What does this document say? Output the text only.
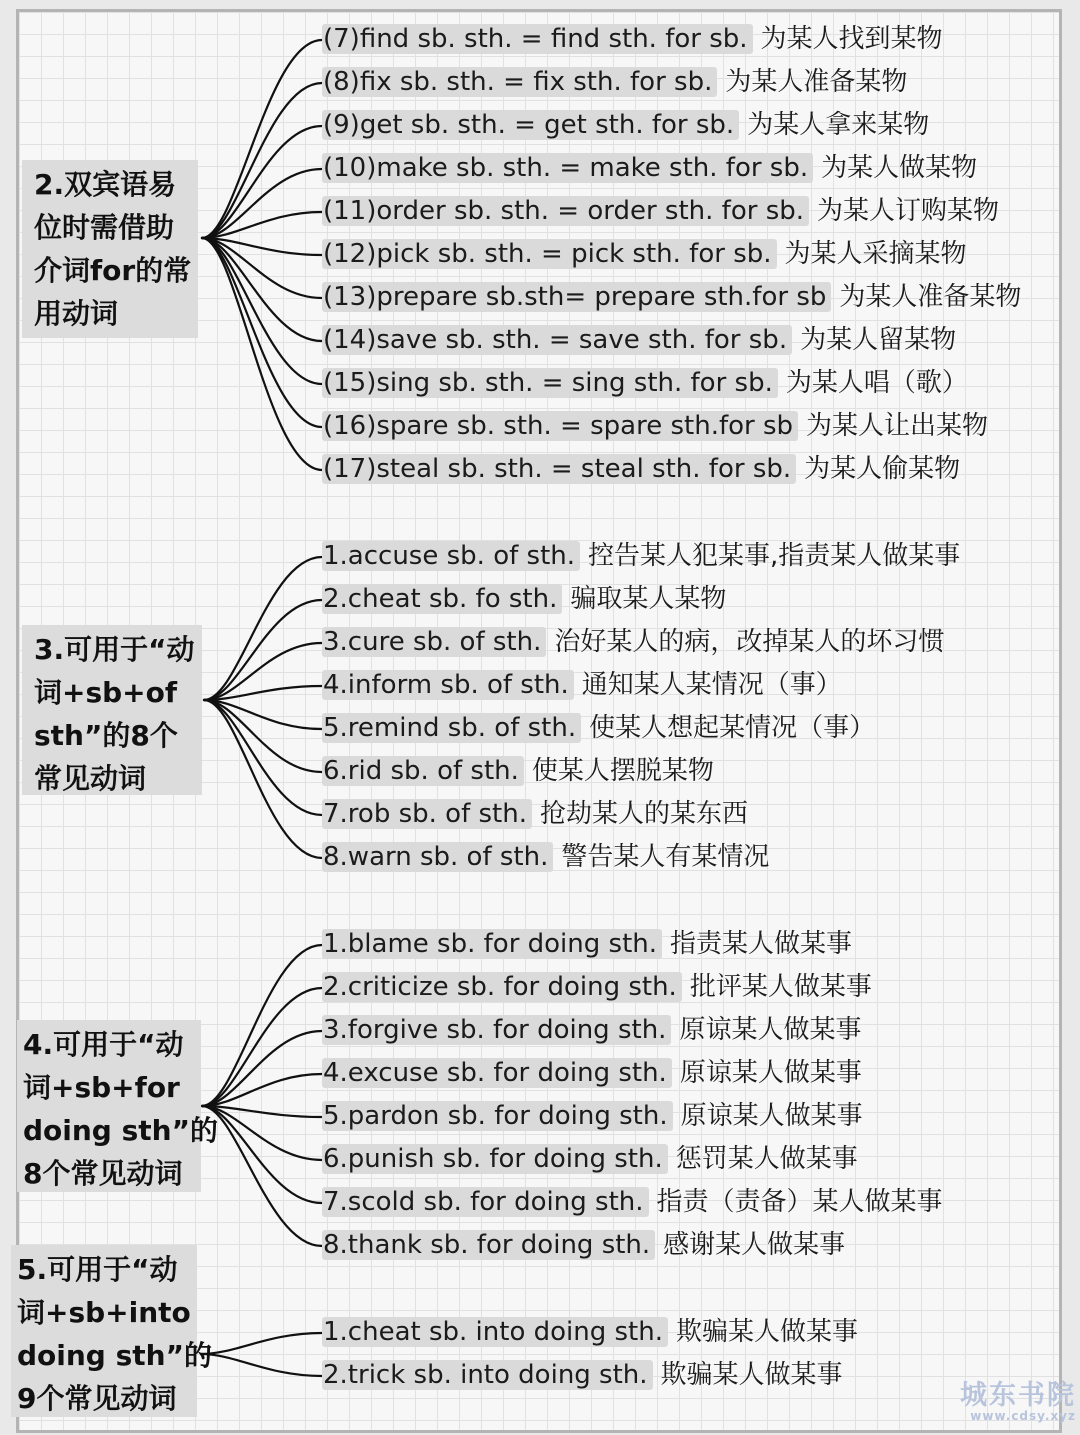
2.双宾语易
位时需借助
介词for的常
用动词
(7)find sb. sth. = find sth. for sb. 为某人找到某物
(8)fix sb. sth. = fix sth. for sb. 为某人准备某物
(9)get sb. sth. = get sth. for sb. 为某人拿来某物
(10)make sb. sth. = make sth. for sb. 为某人做某物
(11)order sb. sth. = order sth. for sb. 为某人订购某物
(12)pick sb. sth. = pick sth. for sb. 为某人采摘某物
(13)prepare sb.sth= prepare sth.for sb 为某人准备某物
(14)save sb. sth. = save sth. for sb. 为某人留某物
(15)sing sb. sth. = sing sth. for sb. 为某人唱（歌）
(16)spare sb. sth. = spare sth.for sb 为某人让出某物
(17)steal sb. sth. = steal sth. for sb. 为某人偷某物
3.可用于“动
词+sb+of
sth”的8个
常见动词
1.accuse sb. of sth. 控告某人犯某事,指责某人做某事
2.cheat sb. fo sth. 骗取某人某物
3.cure sb. of sth. 治好某人的病，改掉某人的坏习惯
4.inform sb. of sth. 通知某人某情况（事）
5.remind sb. of sth. 使某人想起某情况（事）
6.rid sb. of sth. 使某人摆脱某物
7.rob sb. of sth. 抢劫某人的某东西
8.warn sb. of sth. 警告某人有某情况
4.可用于“动
词+sb+for
doing sth”的
8个常见动词
1.blame sb. for doing sth. 指责某人做某事
2.criticize sb. for doing sth. 批评某人做某事
3.forgive sb. for doing sth. 原谅某人做某事
4.excuse sb. for doing sth. 原谅某人做某事
5.pardon sb. for doing sth. 原谅某人做某事
6.punish sb. for doing sth. 惩罚某人做某事
7.scold sb. for doing sth. 指责（责备）某人做某事
8.thank sb. for doing sth. 感谢某人做某事
5.可用于“动
词+sb+into
doing sth”的
9个常见动词
1.cheat sb. into doing sth. 欺骗某人做某事
2.trick sb. into doing sth. 欺骗某人做某事
城东书院
www.cdsy.xyz
